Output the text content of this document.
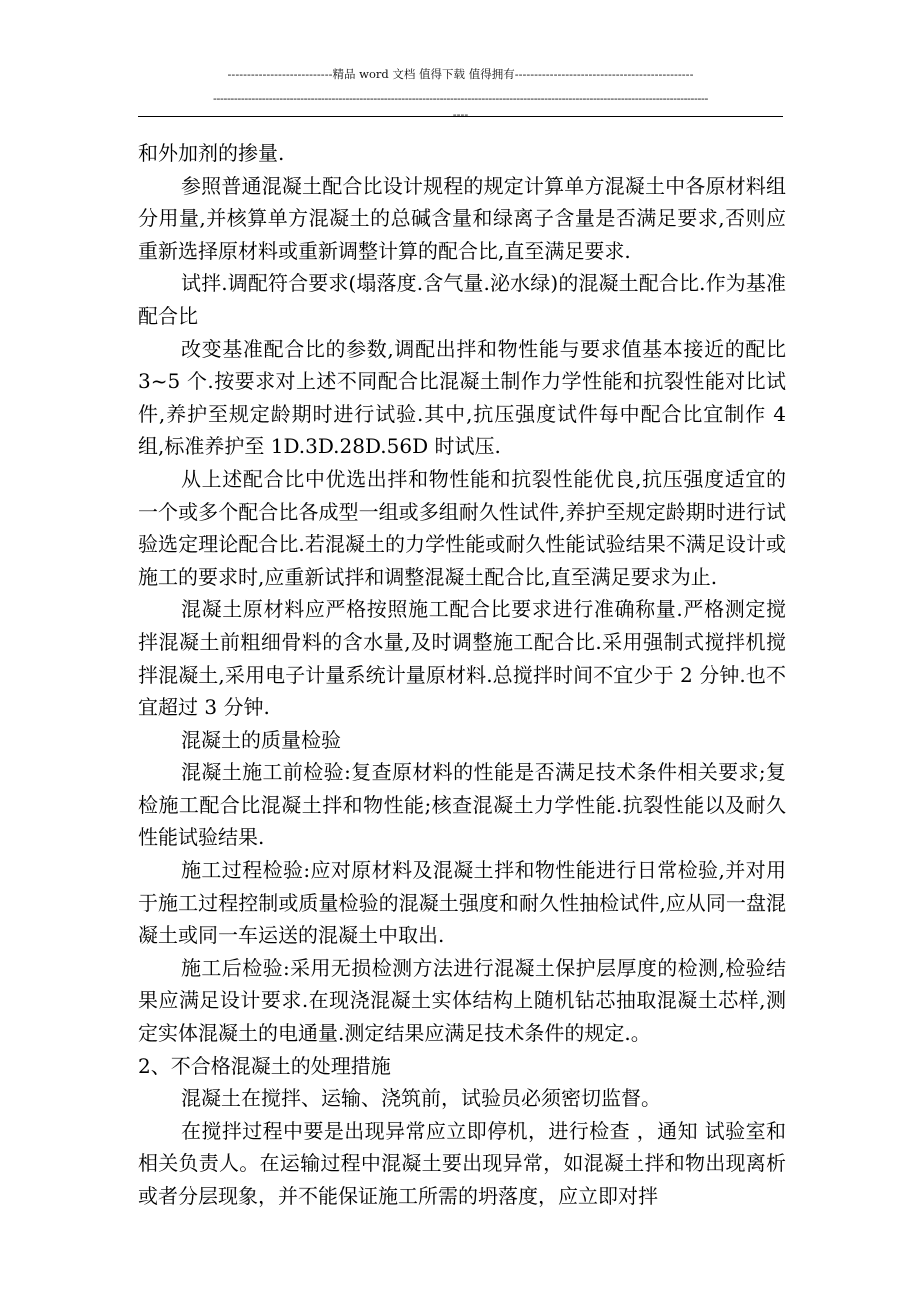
---------------------------精品 word 文档 值得下载 值得拥有----------------------------------------------
----------------------------------------------------------------------------------------------------------------------------------------------
----

和外加剂的掺量.

参照普通混凝土配合比设计规程的规定计算单方混凝土中各原材料组分用量,并核算单方混凝土的总碱含量和绿离子含量是否满足要求,否则应重新选择原材料或重新调整计算的配合比,直至满足要求.

试拌.调配符合要求(塌落度.含气量.泌水绿)的混凝土配合比.作为基准配合比

改变基准配合比的参数,调配出拌和物性能与要求值基本接近的配比 3~5 个.按要求对上述不同配合比混凝土制作力学性能和抗裂性能对比试件,养护至规定龄期时进行试验.其中,抗压强度试件每中配合比宜制作 4 组,标准养护至 1D.3D.28D.56D 时试压.

从上述配合比中优选出拌和物性能和抗裂性能优良,抗压强度适宜的一个或多个配合比各成型一组或多组耐久性试件,养护至规定龄期时进行试验选定理论配合比.若混凝土的力学性能或耐久性能试验结果不满足设计或施工的要求时,应重新试拌和调整混凝土配合比,直至满足要求为止.

混凝土原材料应严格按照施工配合比要求进行准确称量.严格测定搅拌混凝土前粗细骨料的含水量,及时调整施工配合比.采用强制式搅拌机搅拌混凝土,采用电子计量系统计量原材料.总搅拌时间不宜少于 2 分钟.也不宜超过 3 分钟.

混凝土的质量检验

混凝土施工前检验:复查原材料的性能是否满足技术条件相关要求;复检施工配合比混凝土拌和物性能;核查混凝土力学性能.抗裂性能以及耐久性能试验结果.

施工过程检验:应对原材料及混凝土拌和物性能进行日常检验,并对用于施工过程控制或质量检验的混凝土强度和耐久性抽检试件,应从同一盘混凝土或同一车运送的混凝土中取出.

施工后检验:采用无损检测方法进行混凝土保护层厚度的检测,检验结果应满足设计要求.在现浇混凝土实体结构上随机钻芯抽取混凝土芯样,测定实体混凝土的电通量.测定结果应满足技术条件的规定.。

2、不合格混凝土的处理措施

混凝土在搅拌、运输、浇筑前，试验员必须密切监督。

在搅拌过程中要是出现异常应立即停机，进行检查 ，通知 试验室和相关负责人。在运输过程中混凝土要出现异常，如混凝土拌和物出现离析或者分层现象，并不能保证施工所需的坍落度，应立即对拌
